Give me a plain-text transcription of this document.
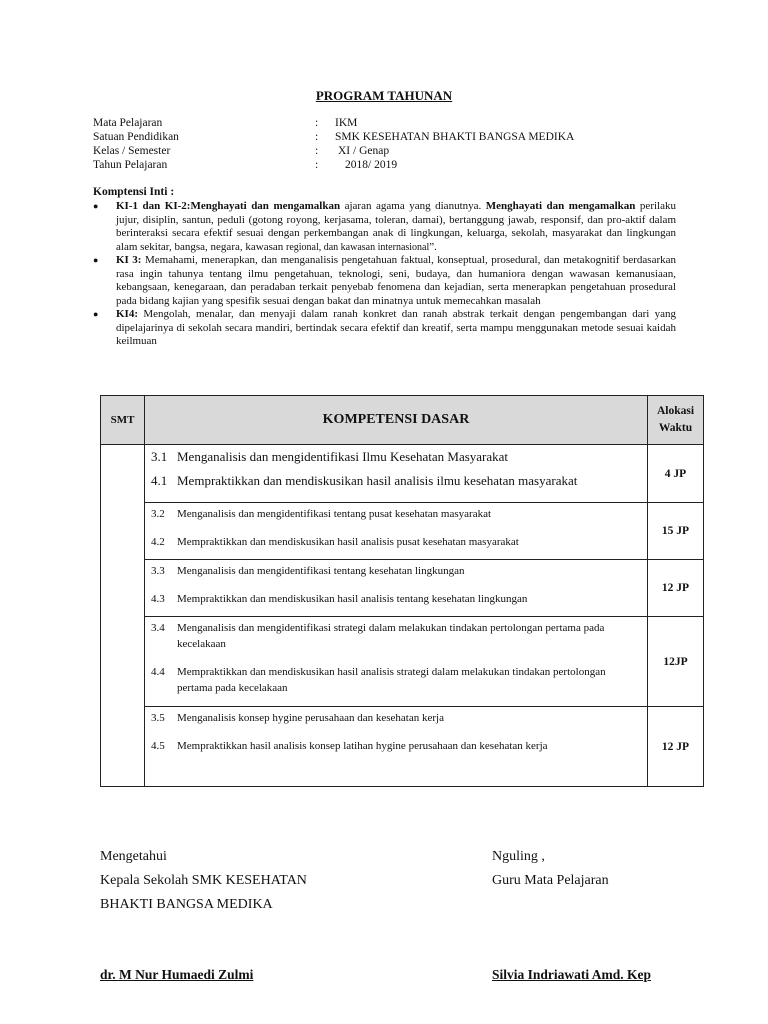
PROGRAM TAHUNAN
Mata Pelajaran	:	IKM
Satuan Pendidikan	:	SMK KESEHATAN BHAKTI BANGSA MEDIKA
Kelas / Semester	:	XI / Genap
Tahun Pelajaran	:	2018/ 2019
Komptensi Inti :
●	KI-1 dan KI-2:Menghayati dan mengamalkan ajaran agama yang dianutnya. Menghayati dan mengamalkan perilaku jujur, disiplin, santun, peduli (gotong royong, kerjasama, toleran, damai), bertanggung jawab, responsif, dan pro-aktif dalam berinteraksi secara efektif sesuai dengan perkembangan anak di lingkungan, keluarga, sekolah, masyarakat dan lingkungan alam sekitar, bangsa, negara, kawasan regional, dan kawasan internasional”.
●	KI 3: Memahami, menerapkan, dan menganalisis pengetahuan faktual, konseptual, prosedural, dan metakognitif berdasarkan rasa ingin tahunya tentang ilmu pengetahuan, teknologi, seni, budaya, dan humaniora dengan wawasan kemanusiaan, kebangsaan, kenegaraan, dan peradaban terkait penyebab fenomena dan kejadian, serta menerapkan pengetahuan prosedural pada bidang kajian yang spesifik sesuai dengan bakat dan minatnya untuk memecahkan masalah
●	KI4: Mengolah, menalar, dan menyaji dalam ranah konkret dan ranah abstrak terkait dengan pengembangan dari yang dipelajarinya di sekolah secara mandiri, bertindak secara efektif dan kreatif, serta mampu menggunakan metode sesuai kaidah keilmuan
SMT	KOMPETENSI DASAR	Alokasi
Waktu

	3.1 Menganalisis dan mengidentifikasi Ilmu Kesehatan Masyarakat
4.1 Mempraktikkan dan mendiskusikan hasil analisis ilmu kesehatan masyarakat	4 JP

	3.2 Menganalisis dan mengidentifikasi tentang pusat kesehatan masyarakat
4.2 Mempraktikkan dan mendiskusikan hasil analisis pusat kesehatan masyarakat	15 JP

	3.3 Menganalisis dan mengidentifikasi tentang kesehatan lingkungan
4.3 Mempraktikkan dan mendiskusikan hasil analisis tentang kesehatan lingkungan	12 JP

	3.4 Menganalisis dan mengidentifikasi strategi dalam melakukan tindakan pertolongan pertama pada kecelakaan
4.4 Mempraktikkan dan mendiskusikan hasil analisis strategi dalam melakukan tindakan pertolongan pertama pada kecelakaan	12JP

	3.5 Menganalisis konsep hygine perusahaan dan kesehatan kerja
4.5 Mempraktikkan hasil analisis konsep latihan hygine perusahaan dan kesehatan kerja	12 JP
Mengetahui
Kepala Sekolah SMK KESEHATAN
BHAKTI BANGSA MEDIKA
Nguling ,
Guru Mata Pelajaran
dr. M Nur Humaedi Zulmi	Silvia Indriawati Amd. Kep
